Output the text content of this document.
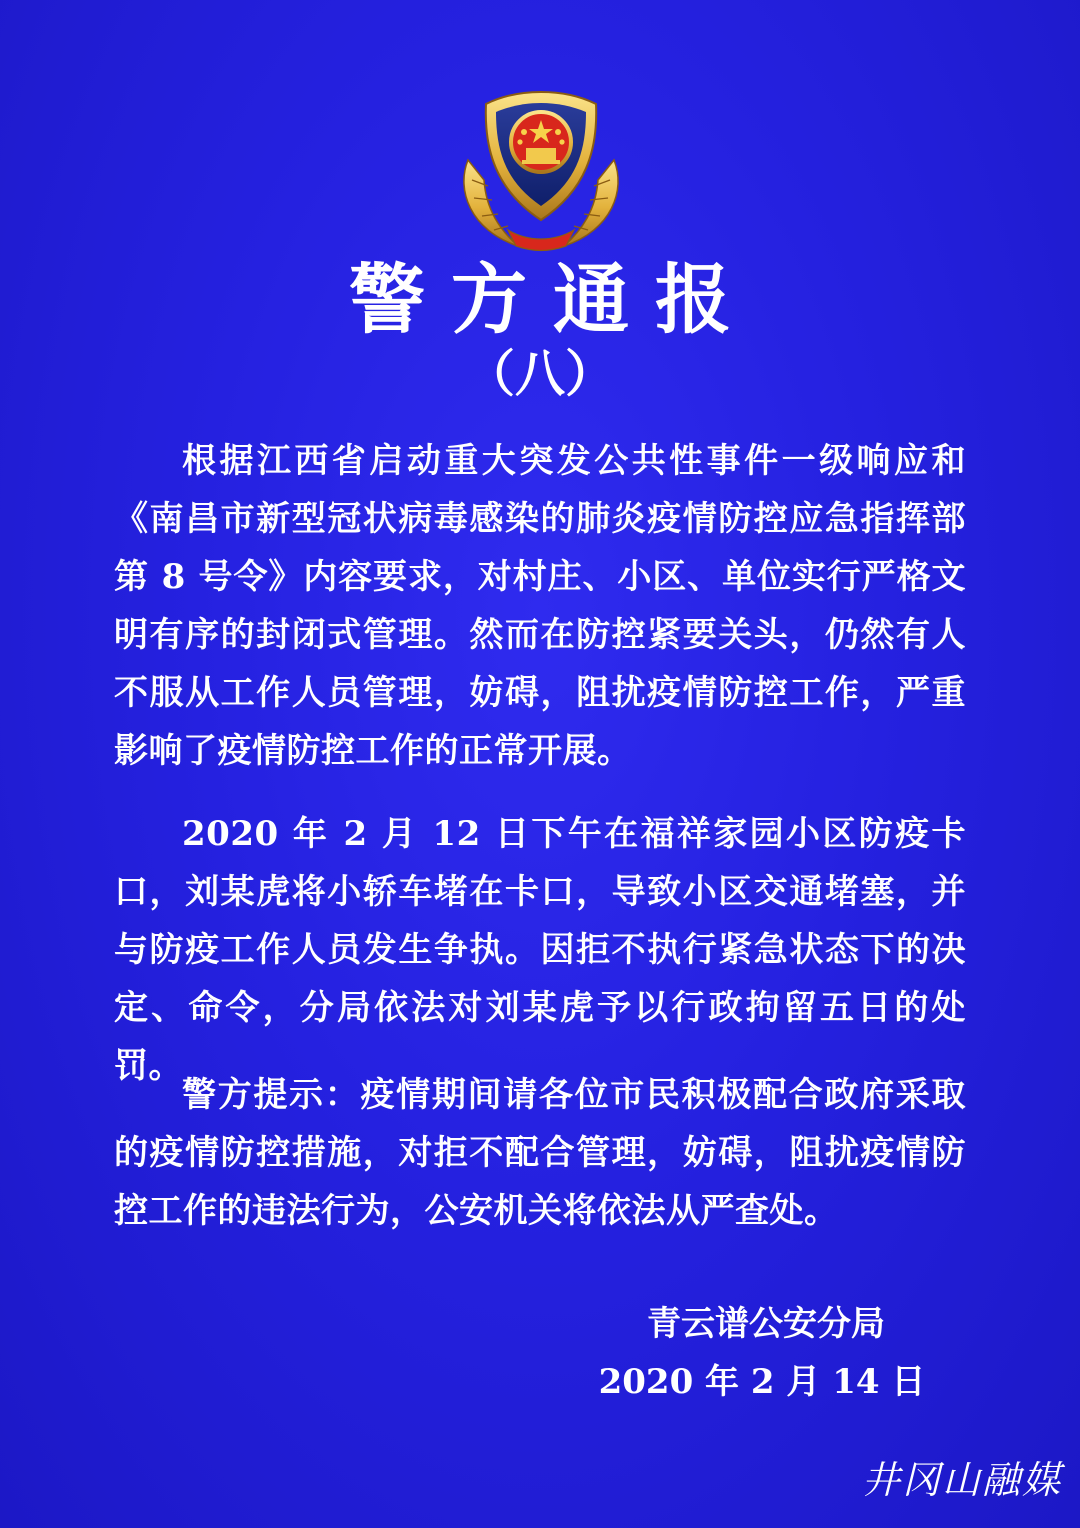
警方通报
（八）

根据江西省启动重大突发公共性事件一级响应和《南昌市新型冠状病毒感染的肺炎疫情防控应急指挥部第 8 号令》内容要求，对村庄、小区、单位实行严格文明有序的封闭式管理。然而在防控紧要关头，仍然有人不服从工作人员管理，妨碍，阻扰疫情防控工作，严重影响了疫情防控工作的正常开展。

2020 年 2 月 12 日下午在福祥家园小区防疫卡口，刘某虎将小轿车堵在卡口，导致小区交通堵塞，并与防疫工作人员发生争执。因拒不执行紧急状态下的决定、命令，分局依法对刘某虎予以行政拘留五日的处罚。

警方提示：疫情期间请各位市民积极配合政府采取的疫情防控措施，对拒不配合管理，妨碍，阻扰疫情防控工作的违法行为，公安机关将依法从严查处。

青云谱公安分局
2020 年 2 月 14 日
井冈山融媒
